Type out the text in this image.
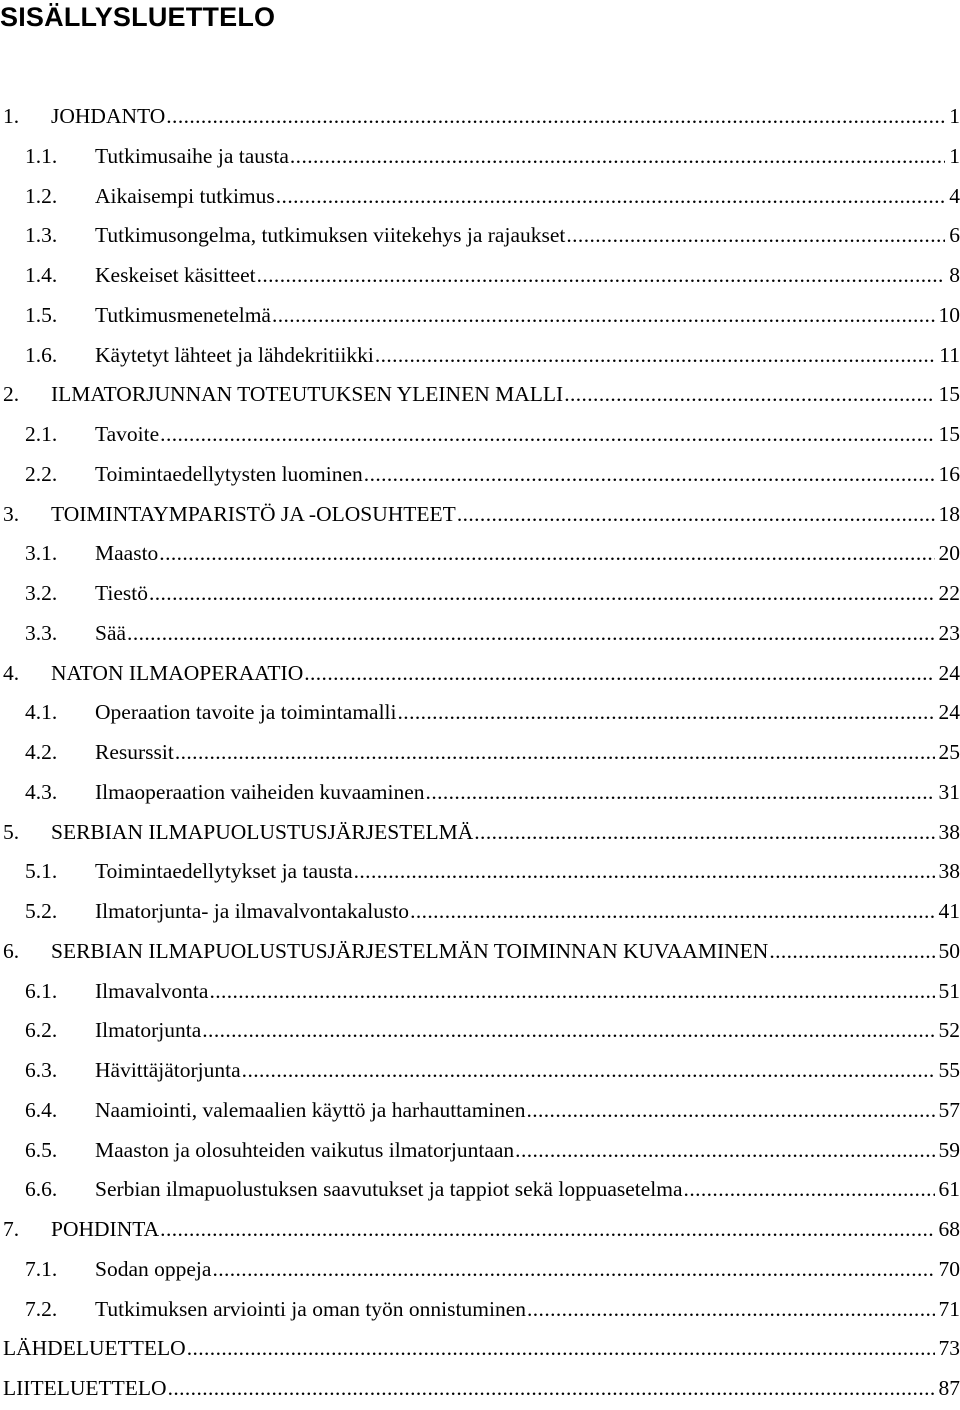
SISÄLLYSLUETTELO
1. JOHDANTO .....	1
1.1. Tutkimusaihe ja tausta .....	1
1.2. Aikaisempi tutkimus .....	4
1.3. Tutkimusongelma, tutkimuksen viitekehys ja rajaukset .....	6
1.4. Keskeiset käsitteet .....	8
1.5. Tutkimusmenetelmä .....	10
1.6. Käytetyt lähteet ja lähdekritiikki .....	11
2. ILMATORJUNNAN TOTEUTUKSEN YLEINEN MALLI .....	15
2.1. Tavoite .....	15
2.2. Toimintaedellytysten luominen .....	16
3. TOIMINTAYMPARISTÖ JA -OLOSUHTEET .....	18
3.1. Maasto .....	20
3.2. Tiestö .....	22
3.3. Sää .....	23
4. NATON ILMAOPERAATIO .....	24
4.1. Operaation tavoite ja toimintamalli .....	24
4.2. Resurssit .....	25
4.3. Ilmaoperaation vaiheiden kuvaaminen .....	31
5. SERBIAN ILMAPUOLUSTUSJÄRJESTELMÄ .....	38
5.1. Toimintaedellytykset ja tausta .....	38
5.2. Ilmatorjunta- ja ilmavalvontakalusto .....	41
6. SERBIAN ILMAPUOLUSTUSJÄRJESTELMÄN TOIMINNAN KUVAAMINEN .....	50
6.1. Ilmavalvonta .....	51
6.2. Ilmatorjunta .....	52
6.3. Hävittäjätorjunta .....	55
6.4. Naamiointi, valemaalien käyttö ja harhauttaminen .....	57
6.5. Maaston ja olosuhteiden vaikutus ilmatorjuntaan .....	59
6.6. Serbian ilmapuolustuksen saavutukset ja tappiot sekä loppuasetelma .....	61
7. POHDINTA .....	68
7.1. Sodan oppeja .....	70
7.2. Tutkimuksen arviointi ja oman työn onnistuminen .....	71
LÄHDELUETTELO .....	73
LIITELUETTELO .....	87
